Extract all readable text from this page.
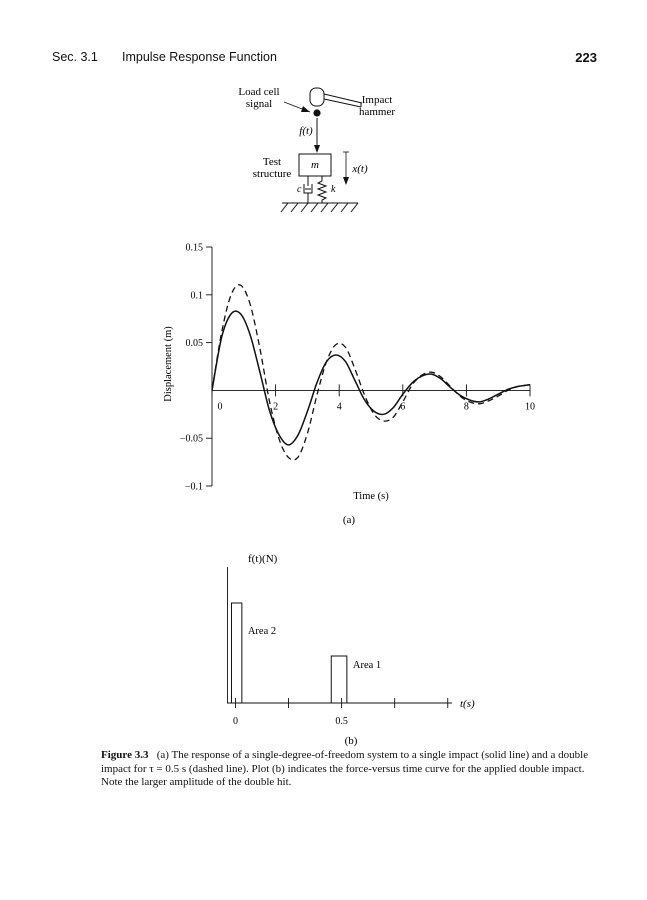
Sec. 3.1 Impulse Response Function	223
Load cell
signal	Impact
hammer
f(t)
Test
structure
m	x(t)
c	k
0.15
0.1
0.05
−0.05
−0.1
0	2	4	6	8	10
Displacement (m)
Time (s)
(a)
0	0.5
Area 2
Area 1
f(t)(N)
t(s)
(b)
Figure 3.3 (a) The response of a single-degree-of-freedom system to a single impact (solid line) and a double impact for τ = 0.5 s (dashed line). Plot (b) indicates the force-versus time curve for the applied double impact. Note the larger amplitude of the double hit.
